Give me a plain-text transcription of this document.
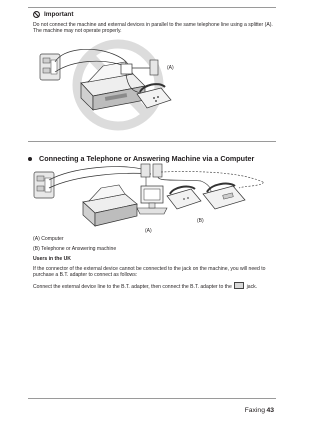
Important
Do not connect the machine and external devices in parallel to the same telephone line using a splitter (A). The machine may not operate properly.
(A)
Connecting a Telephone or Answering Machine via a Computer
(A)
(B)
(A) Computer
(B) Telephone or Answering machine
Users in the UK
If the connector of the external device cannot be connected to the jack on the machine, you will need to purchase a B.T. adapter to connect as follows:
Connect the external device line to the B.T. adapter, then connect the B.T. adapter to the	jack.
Faxing 43
